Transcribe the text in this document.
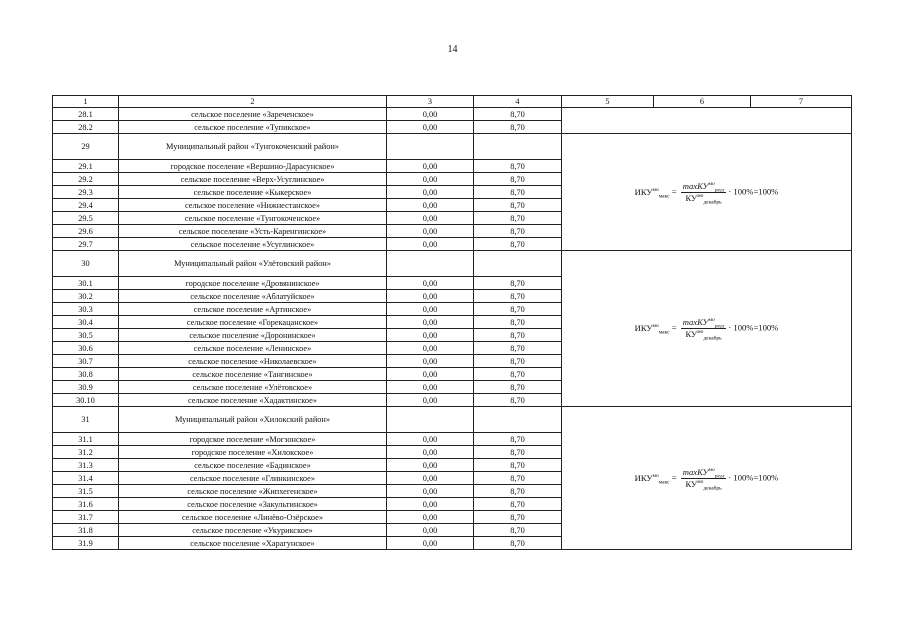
14
1	2	3	4	5	6	7
28.1	сельское поселение «Зареченское»	0,00	8,70			
28.2	сельское поселение «Тупикское»	0,00	8,70			
29	Муниципальный район «Тунгокоченский район»			$ИКУ^{мо}_{макс} = \frac{\max КУ^{мо}_{регл}}{КУ^{мо}_{декабрь}} \cdot 100\%=100\%$		
29.1	городское поселение «Вершино-Дарасунское»	0,00	8,70			
29.2	сельское поселение «Верх-Усуглинское»	0,00	8,70			
29.3	сельское поселение «Кыкерское»	0,00	8,70			
29.4	сельское поселение «Нижнестанское»	0,00	8,70			
29.5	сельское поселение «Тунгокоченское»	0,00	8,70			
29.6	сельское поселение «Усть-Каренгинское»	0,00	8,70			
29.7	сельское поселение «Усуглинское»	0,00	8,70			
30	Муниципальный район «Улётовский район»			$ИКУ^{мо}_{макс} = \frac{\max КУ^{мо}_{регл}}{КУ^{мо}_{декабрь}} \cdot 100\%=100\%$		
30.1	городское поселение «Дровянинское»	0,00	8,70			
30.2	сельское поселение «Аблатуйское»	0,00	8,70			
30.3	сельское поселение «Артинское»	0,00	8,70			
30.4	сельское поселение «Горекацанское»	0,00	8,70			
30.5	сельское поселение «Доронинское»	0,00	8,70			
30.6	сельское поселение «Ленинское»	0,00	8,70			
30.7	сельское поселение «Николаевское»	0,00	8,70			
30.8	сельское поселение «Тангинское»	0,00	8,70			
30.9	сельское поселение «Улётовское»	0,00	8,70			
30.10	сельское поселение «Хадактинское»	0,00	8,70			
31	Муниципальный район «Хилокский район»			$ИКУ^{мо}_{макс} = \frac{\max КУ^{мо}_{регл}}{КУ^{мо}_{декабрь}} \cdot 100\%=100\%$		
31.1	городское поселение «Могзонское»	0,00	8,70			
31.2	городское поселение «Хилокское»	0,00	8,70			
31.3	сельское поселение «Бадинское»	0,00	8,70			
31.4	сельское поселение «Глинкинское»	0,00	8,70			
31.5	сельское поселение «Жипхегенское»	0,00	8,70			
31.6	сельское поселение «Закультинское»	0,00	8,70			
31.7	сельское поселение «Линёво-Озёрское»	0,00	8,70			
31.8	сельское поселение «Укурикское»	0,00	8,70			
31.9	сельское поселение «Харагунское»	0,00	8,70			
